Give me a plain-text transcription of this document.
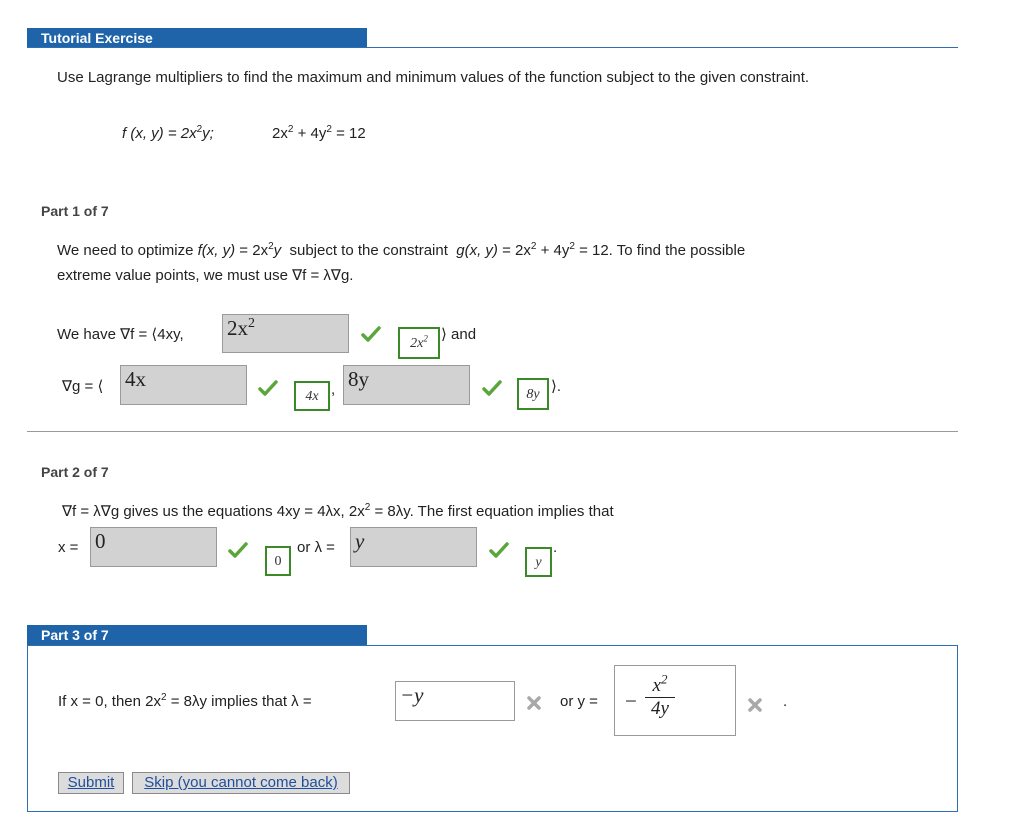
Tutorial Exercise
Use Lagrange multipliers to find the maximum and minimum values of the function subject to the given constraint.
f (x, $y) = 2x^2y$;	$2x^2 + 4y^2 = 12$
Part 1 of 7
We need to optimize f(x, $y) = 2x^2y$  subject to the constraint  g(x, $y) = 2x^2 + 4y^2 = 12$. To find the possible
extreme value points, we must use ∇f = λ∇g.
We have ∇f = ⟨4xy, $2x^2$
$2x^2$ ⟩ and
∇g = ⟨ 4x
4x , 8y
8y ⟩.
Part 2 of 7
∇f = λ∇g gives us the equations 4xy = 4λx, $2x^2 = 8\lambda y$. The first equation implies that
x = 0
0
or λ = y
y
.
Part 3 of 7
If x = 0, then $2x^2 = 8\lambda y$ implies that λ =	−y	or y = −
$x^2$
4y	.
Submit	Skip (you cannot come back)
